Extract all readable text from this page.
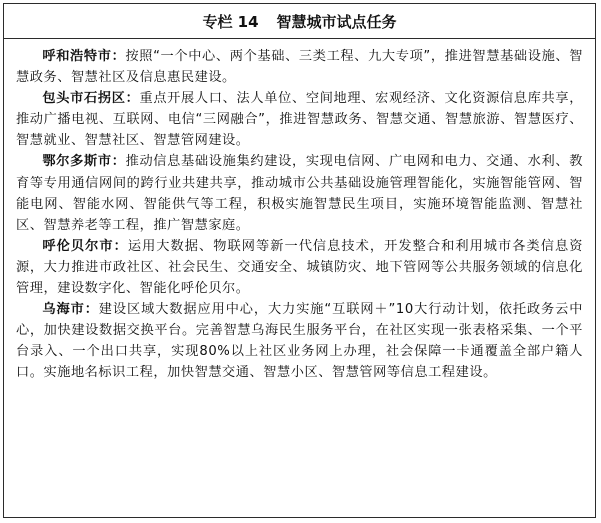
专栏 14 智慧城市试点任务

呼和浩特市：按照“一个中心、两个基础、三类工程、九大专项”，推进智慧基础设施、智慧政务、智慧社区及信息惠民建设。

包头市石拐区：重点开展人口、法人单位、空间地理、宏观经济、文化资源信息库共享，推动广播电视、互联网、电信“三网融合”，推进智慧政务、智慧交通、智慧旅游、智慧医疗、智慧就业、智慧社区、智慧管网建设。

鄂尔多斯市：推动信息基础设施集约建设，实现电信网、广电网和电力、交通、水利、教育等专用通信网间的跨行业共建共享，推动城市公共基础设施管理智能化，实施智能管网、智能电网、智能水网、智能供气等工程，积极实施智慧民生项目，实施环境智能监测、智慧社区、智慧养老等工程，推广智慧家庭。

呼伦贝尔市：运用大数据、物联网等新一代信息技术，开发整合和利用城市各类信息资源，大力推进市政社区、社会民生、交通安全、城镇防灾、地下管网等公共服务领域的信息化管理，建设数字化、智能化呼伦贝尔。

乌海市：建设区域大数据应用中心，大力实施“互联网＋”10大行动计划，依托政务云中心，加快建设数据交换平台。完善智慧乌海民生服务平台，在社区实现一张表格采集、一个平台录入、一个出口共享，实现80%以上社区业务网上办理，社会保障一卡通覆盖全部户籍人口。实施地名标识工程，加快智慧交通、智慧小区、智慧管网等信息工程建设。
